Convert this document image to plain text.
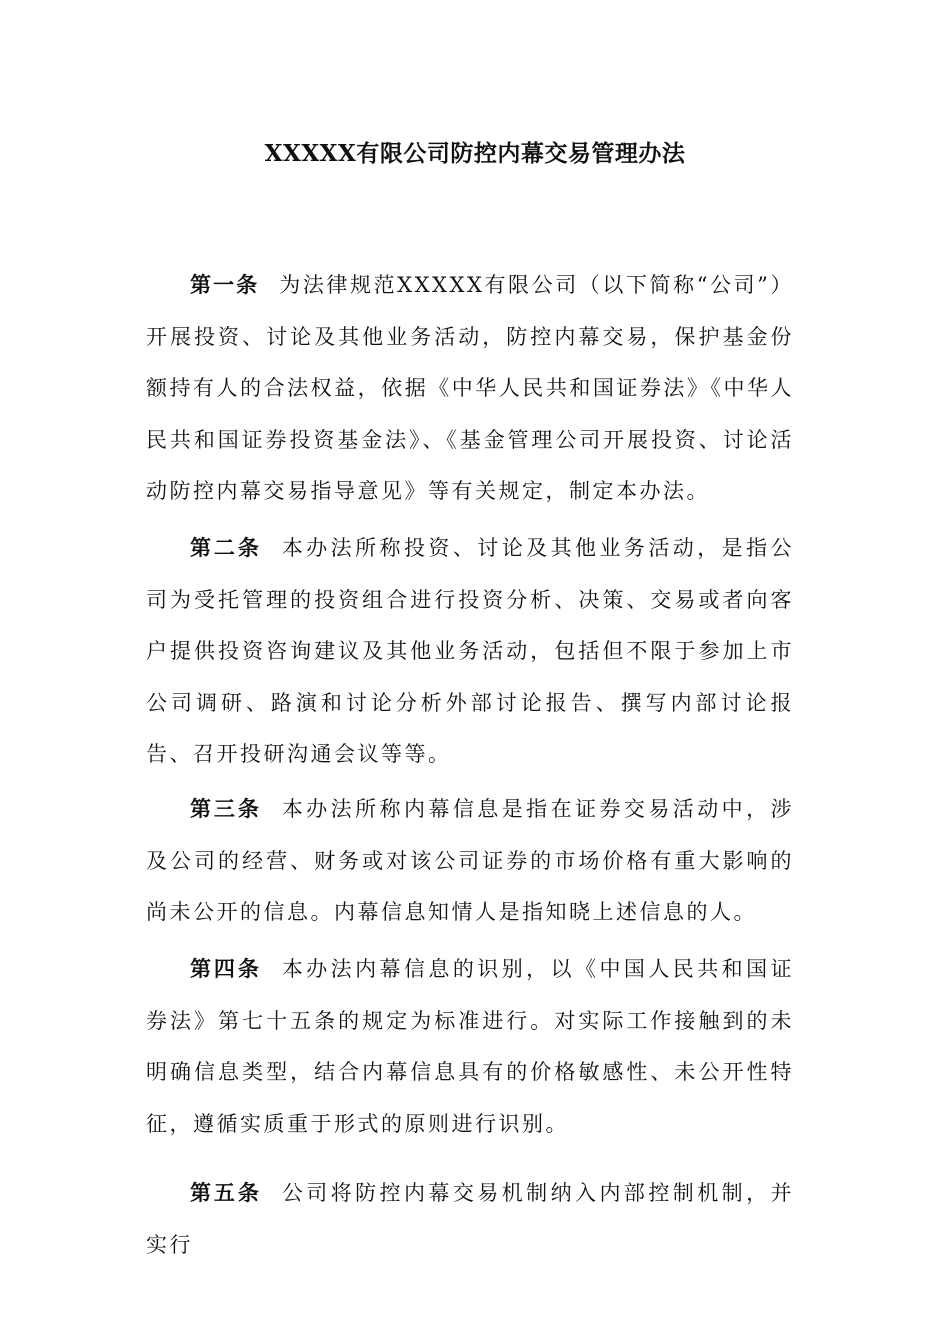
XXXXX有限公司防控内幕交易管理办法

第一条 为法律规范XXXXX有限公司（以下简称“公司”）开展投资、讨论及其他业务活动，防控内幕交易，保护基金份额持有人的合法权益，依据《中华人民共和国证券法》《中华人民共和国证券投资基金法》、《基金管理公司开展投资、讨论活动防控内幕交易指导意见》等有关规定，制定本办法。

第二条 本办法所称投资、讨论及其他业务活动，是指公司为受托管理的投资组合进行投资分析、决策、交易或者向客户提供投资咨询建议及其他业务活动，包括但不限于参加上市公司调研、路演和讨论分析外部讨论报告、撰写内部讨论报告、召开投研沟通会议等等。

第三条 本办法所称内幕信息是指在证券交易活动中，涉及公司的经营、财务或对该公司证券的市场价格有重大影响的尚未公开的信息。内幕信息知情人是指知晓上述信息的人。

第四条 本办法内幕信息的识别，以《中国人民共和国证券法》第七十五条的规定为标准进行。对实际工作接触到的未明确信息类型，结合内幕信息具有的价格敏感性、未公开性特征，遵循实质重于形式的原则进行识别。

第五条 公司将防控内幕交易机制纳入内部控制机制，并实行
